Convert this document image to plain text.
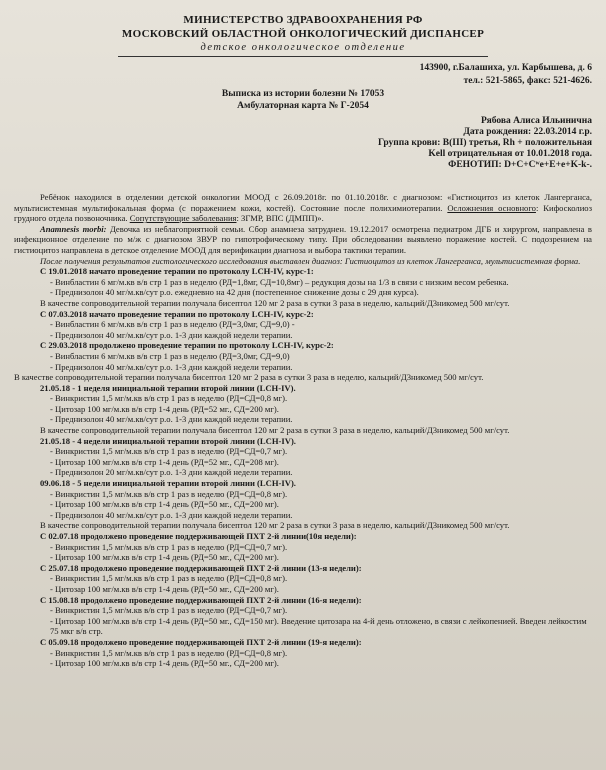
МИНИСТЕРСТВО ЗДРАВООХРАНЕНИЯ РФ
МОСКОВСКИЙ ОБЛАСТНОЙ ОНКОЛОГИЧЕСКИЙ ДИСПАНСЕР
детское онкологическое отделение
143900, г.Балашиха, ул. Карбышева, д. 6
тел.: 521-5865, факс: 521-4626.
Выписка из истории болезни № 17053
Амбулаторная карта № Г-2054
Рябова Алиса Ильинична
Дата рождения: 22.03.2014 г.р.
Группа крови: B(III) третья, Rh + положительная
Kell отрицательная от 10.01.2018 года.
ФЕНОТИП: D+C+Cʷe+E+e+K-k-.

Ребёнок находился в отделении детской онкологии МООД с 26.09.2018г. по 01.10.2018г. с диагнозом: «Гистиоцитоз из клеток Лангерганса, мультисистемная мультифокальная форма (с поражением кожи, костей). Состояние после полихимиотерапии. Осложнения основного: Кифосколиоз грудного отдела позвоночника. Сопутствующие заболевания: ЗГМР, ВПС (ДМПП)».

Anamnesis morbi: Девочка из неблагоприятной семьи. Сбор анамнеза затруднен. 19.12.2017 осмотрена педиатром ДГБ и хирургом, направлена в инфекционное отделение по м/ж с диагнозом ЗВУР по гипотрофическому типу. При обследовании выявлено поражение костей. С подозрением на гистиоцитоз направлена в детское отделение МООД для верификации диагноза и выбора тактики терапии.

После получения результатов гистологического исследования выставлен диагноз: Гистиоцитоз из клеток Лангерганса, мультисистемная форма.

С 19.01.2018 начато проведение терапии по протоколу LCH-IV, курс-1:

- Винбластин 6 мг/м.кв в/в стр 1 раз в неделю (РД=1,8мг, СД=10,8мг) – редукция дозы на 1/3 в связи с низким весом ребенка.

- Преднизолон 40 мг/м.кв/сут р.о. ежедневно на 42 дня (постепенное снижение дозы с 29 дня курса).

В качестве сопроводительной терапии получала бисептол 120 мг 2 раза в сутки 3 раза в неделю, кальций/Д3никомед 500 мг/сут.

С 07.03.2018 начато проведение терапии по протоколу LCH-IV, курс-2:

- Винбластин 6 мг/м.кв в/в стр 1 раз в неделю (РД=3,0мг, СД=9,0) -

- Преднизолон 40 мг/м.кв/сут р.о. 1-3 дни каждой недели терапии.

С 29.03.2018 продолжено проведение терапии по протоколу LCH-IV, курс-2:

- Винбластин 6 мг/м.кв в/в стр 1 раз в неделю (РД=3,0мг, СД=9,0)

- Преднизолон 40 мг/м.кв/сут р.о. 1-3 дни каждой недели терапии.

В качестве сопроводительной терапии получала бисептол 120 мг 2 раза в сутки 3 раза в неделю, кальций/Д3никомед 500 мг/сут.

21.05.18 - 1 неделя инициальной терапии второй линии (LCH-IV).

- Винкристин 1,5 мг/м.кв в/в стр 1 раз в неделю (РД=СД=0,8 мг).

- Цитозар 100 мг/м.кв в/в стр 1-4 день (РД=52 мг., СД=200 мг).

- Преднизолон 40 мг/м.кв/сут р.о. 1-3 дни каждой недели терапии.

В качестве сопроводительной терапии получала бисептол 120 мг 2 раза в сутки 3 раза в неделю, кальций/Д3никомед 500 мг/сут.

21.05.18 - 4 недели инициальной терапии второй линии (LCH-IV).

- Винкристин 1,5 мг/м.кв в/в стр 1 раз в неделю (РД=СД=0,7 мг).

- Цитозар 100 мг/м.кв в/в стр 1-4 день (РД=52 мг., СД=208 мг).

- Преднизолон 20 мг/м.кв/сут р.о. 1-3 дни каждой недели терапии.

09.06.18 - 5 недели инициальной терапии второй линии (LCH-IV).

- Винкристин 1,5 мг/м.кв в/в стр 1 раз в неделю (РД=СД=0,8 мг).

- Цитозар 100 мг/м.кв в/в стр 1-4 день (РД=50 мг., СД=200 мг).

- Преднизолон 40 мг/м.кв/сут р.о. 1-3 дни каждой недели терапии.

В качестве сопроводительной терапии получала бисептол 120 мг 2 раза в сутки 3 раза в неделю, кальций/Д3никомед 500 мг/сут.

С 02.07.18 продолжено проведение поддерживающей ПХТ 2-й линии(10я недели):

- Винкристин 1,5 мг/м.кв в/в стр 1 раз в неделю (РД=СД=0,7 мг).

- Цитозар 100 мг/м.кв в/в стр 1-4 день (РД=50 мг., СД=200 мг).

С 25.07.18 продолжено проведение поддерживающей ПХТ 2-й линии (13-я недели):

- Винкристин 1,5 мг/м.кв в/в стр 1 раз в неделю (РД=СД=0,8 мг).

- Цитозар 100 мг/м.кв в/в стр 1-4 день (РД=50 мг., СД=200 мг).

С 15.08.18 продолжено проведение поддерживающей ПХТ 2-й линии (16-я недели):

- Винкристин 1,5 мг/м.кв в/в стр 1 раз в неделю (РД=СД=0,7 мг).

- Цитозар 100 мг/м.кв в/в стр 1-4 день (РД=50 мг., СД=150 мг). Введение цитозара на 4-й день отложено, в связи с лейкопенией. Введен лейкостим 75 мкг в/в стр.

С 05.09.18 продолжено проведение поддерживающей ПХТ 2-й линии (19-я недели):

- Винкристин 1,5 мг/м.кв в/в стр 1 раз в неделю (РД=СД=0,8 мг).

- Цитозар 100 мг/м.кв в/в стр 1-4 день (РД=50 мг., СД=200 мг).
